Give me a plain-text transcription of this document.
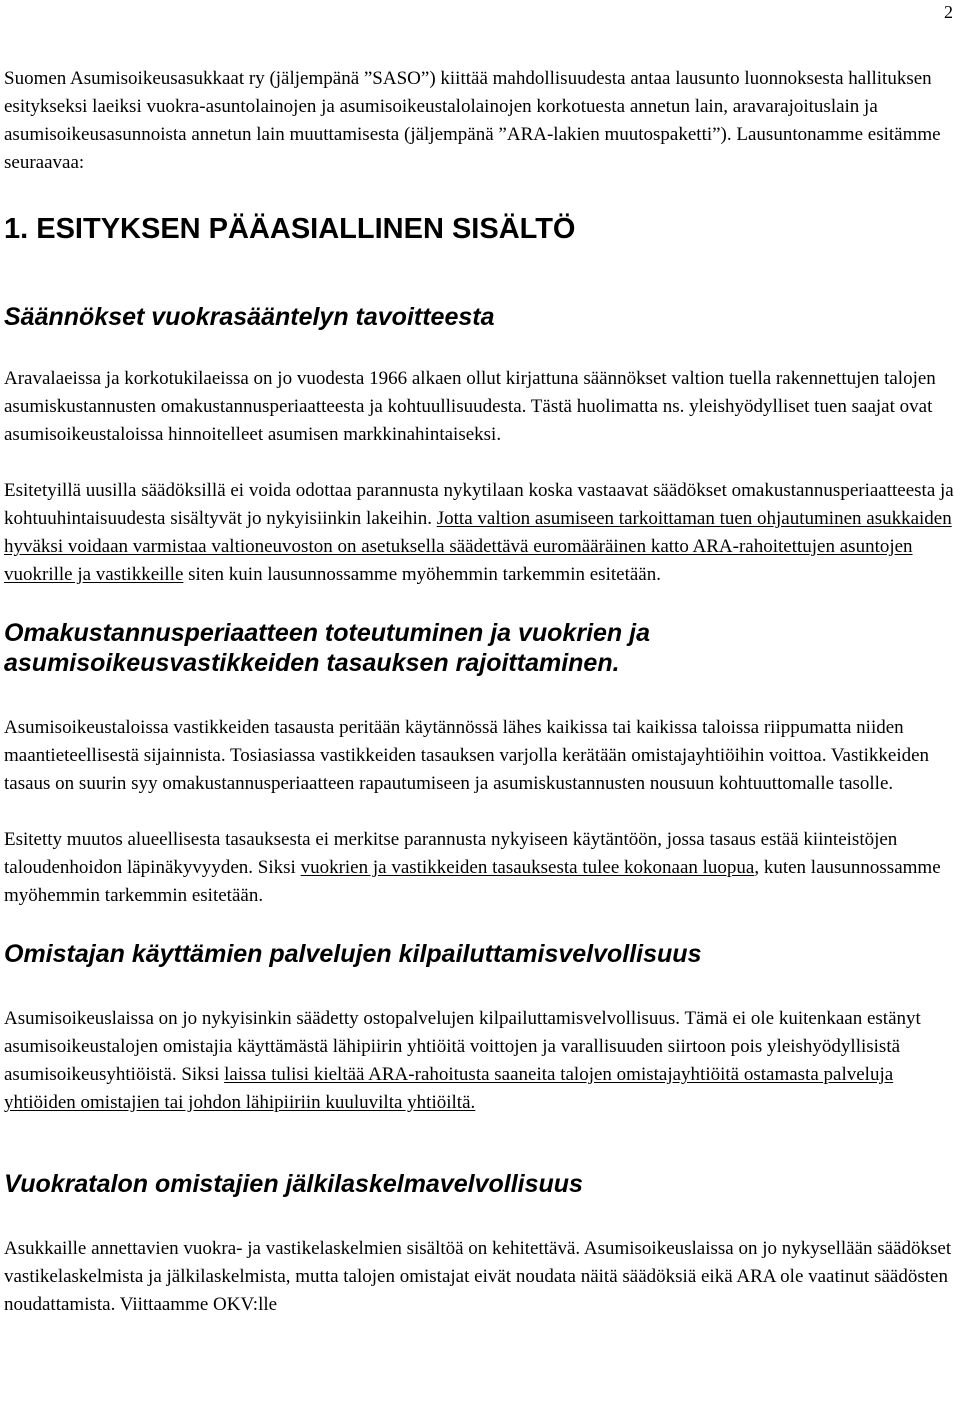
2

Suomen Asumisoikeusasukkaat ry (jäljempänä ”SASO”) kiittää mahdollisuudesta antaa lausunto luonnoksesta hallituksen esitykseksi laeiksi vuokra-asuntolainojen ja asumisoikeustalolainojen korkotuesta annetun lain, aravarajoituslain ja asumisoikeusasunnoista annetun lain muuttamisesta (jäljempänä ”ARA-lakien muutospaketti”). Lausuntonamme esitämme seuraavaa:

1. ESITYKSEN PÄÄASIALLINEN SISÄLTÖ
Säännökset vuokrasääntelyn tavoitteesta

Aravalaeissa ja korkotukilaeissa on jo vuodesta 1966 alkaen ollut kirjattuna säännökset valtion tuella rakennettujen talojen asumiskustannusten omakustannusperiaatteesta ja kohtuullisuudesta. Tästä huolimatta ns. yleishyödylliset tuen saajat ovat asumisoikeustaloissa hinnoitelleet asumisen markkinahintaiseksi.

Esitetyillä uusilla säädöksillä ei voida odottaa parannusta nykytilaan koska vastaavat säädökset omakustannusperiaatteesta ja kohtuuhintaisuudesta sisältyvät jo nykyisiinkin lakeihin. Jotta valtion asumiseen tarkoittaman tuen ohjautuminen asukkaiden hyväksi voidaan varmistaa valtioneuvoston on asetuksella säädettävä euromääräinen katto ARA-rahoitettujen asuntojen vuokrille ja vastikkeille siten kuin lausunnossamme myöhemmin tarkemmin esitetään.

Omakustannusperiaatteen toteutuminen ja vuokrien ja asumisoikeusvastikkeiden tasauksen rajoittaminen.

Asumisoikeustaloissa vastikkeiden tasausta peritään käytännössä lähes kaikissa tai kaikissa taloissa riippumatta niiden maantieteellisestä sijainnista. Tosiasiassa vastikkeiden tasauksen varjolla kerätään omistajayhtiöihin voittoa. Vastikkeiden tasaus on suurin syy omakustannusperiaatteen rapautumiseen ja asumiskustannusten nousuun kohtuuttomalle tasolle.

Esitetty muutos alueellisesta tasauksesta ei merkitse parannusta nykyiseen käytäntöön, jossa tasaus estää kiinteistöjen taloudenhoidon läpinäkyvyyden. Siksi vuokrien ja vastikkeiden tasauksesta tulee kokonaan luopua, kuten lausunnossamme myöhemmin tarkemmin esitetään.

Omistajan käyttämien palvelujen kilpailuttamisvelvollisuus

Asumisoikeuslaissa on jo nykyisinkin säädetty ostopalvelujen kilpailuttamisvelvollisuus. Tämä ei ole kuitenkaan estänyt asumisoikeustalojen omistajia käyttämästä lähipiirin yhtiöitä voittojen ja varallisuuden siirtoon pois yleishyödyllisistä asumisoikeusyhtiöistä. Siksi laissa tulisi kieltää ARA-rahoitusta saaneita talojen omistajayhtiöitä ostamasta palveluja yhtiöiden omistajien tai johdon lähipiiriin kuuluvilta yhtiöiltä.

Vuokratalon omistajien jälkilaskelmavelvollisuus

Asukkaille annettavien vuokra- ja vastikelaskelmien sisältöä on kehitettävä. Asumisoikeuslaissa on jo nykysellään säädökset vastikelaskelmista ja jälkilaskelmista, mutta talojen omistajat eivät noudata näitä säädöksiä eikä ARA ole vaatinut säädösten noudattamista. Viittaamme OKV:lle
